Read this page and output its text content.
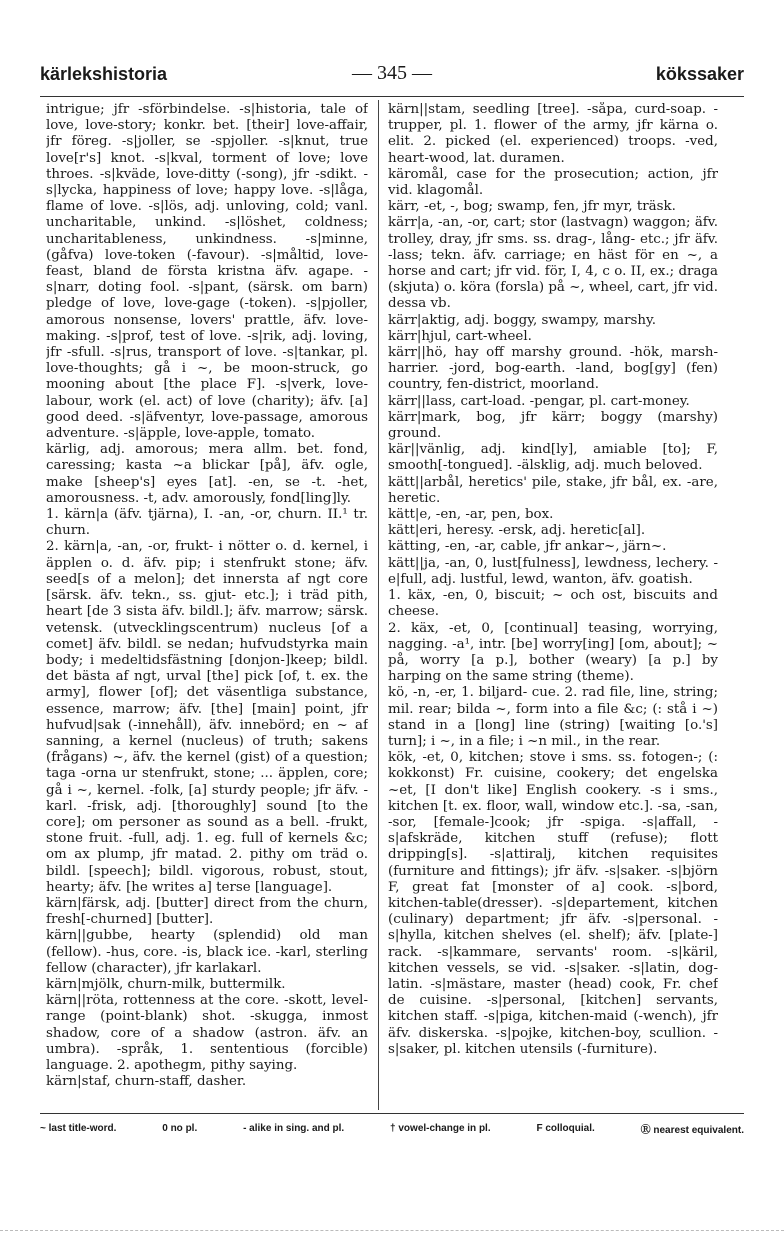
kärlekshistoria	— 345 —	kökssaker

intrigue; jfr -sförbindelse. -s|historia, tale of love, love-story; konkr. bet. [their] love-affair, jfr föreg. -s|joller, se -spjoller. -s|knut, true love[r's] knot. -s|kval, torment of love; love throes. -s|kväde, love-ditty (-song), jfr -sdikt. -s|lycka, happiness of love; happy love. -s|låga, flame of love. -s|lös, adj. unloving, cold; vanl. uncharitable, unkind. -s|löshet, coldness; uncharitableness, unkindness. -s|minne, (gåfva) love-token (-favour). -s|måltid, love-feast, bland de första kristna äfv. agape. -s|narr, doting fool. -s|pant, (särsk. om barn) pledge of love, love-gage (-token). -s|pjoller, amorous nonsense, lovers' prattle, äfv. love-making. -s|prof, test of love. -s|rik, adj. loving, jfr -sfull. -s|rus, transport of love. -s|tankar, pl. love-thoughts; gå i ~, be moon-struck, go mooning about [the place F]. -s|verk, love-labour, work (el. act) of love (charity); äfv. [a] good deed. -s|äfventyr, love-passage, amorous adventure. -s|äpple, love-apple, tomato.

kärlig, adj. amorous; mera allm. bet. fond, caressing; kasta ~a blickar [på], äfv. ogle, make [sheep's] eyes [at]. -en, se -t. -het, amorousness. -t, adv. amorously, fond[ling]ly.

1. kärn|a (äfv. tjärna), I. -an, -or, churn. II.¹ tr. churn.

2. kärn|a, -an, -or, frukt- i nötter o. d. kernel, i äpplen o. d. äfv. pip; i stenfrukt stone; äfv. seed[s of a melon]; det innersta af ngt core [särsk. äfv. tekn., ss. gjut- etc.]; i träd pith, heart [de 3 sista äfv. bildl.]; äfv. marrow; särsk. vetensk. (utvecklingscentrum) nucleus [of a comet] äfv. bildl. se nedan; hufvudstyrka main body; i medeltidsfästning [donjon-]keep; bildl. det bästa af ngt, urval [the] pick [of, t. ex. the army], flower [of]; det väsentliga substance, essence, marrow; äfv. [the] [main] point, jfr hufvud|sak (-innehåll), äfv. innebörd; en ~ af sanning, a kernel (nucleus) of truth; sakens (frågans) ~, äfv. the kernel (gist) of a question; taga -orna ur stenfrukt, stone; ... äpplen, core; gå i ~, kernel. -folk, [a] sturdy people; jfr äfv. -karl. -frisk, adj. [thoroughly] sound [to the core]; om personer as sound as a bell. -frukt, stone fruit. -full, adj. 1. eg. full of kernels &c; om ax plump, jfr matad. 2. pithy om träd o. bildl. [speech]; bildl. vigorous, robust, stout, hearty; äfv. [he writes a] terse [language].

kärn|färsk, adj. [butter] direct from the churn, fresh[-churned] [butter].

kärn||gubbe, hearty (splendid) old man (fellow). -hus, core. -is, black ice. -karl, sterling fellow (character), jfr karlakarl.

kärn|mjölk, churn-milk, buttermilk.

kärn||röta, rottenness at the core. -skott, level-range (point-blank) shot. -skugga, inmost shadow, core of a shadow (astron. äfv. an umbra). -språk, 1. sententious (forcible) language. 2. apothegm, pithy saying.

kärn|staf, churn-staff, dasher.

kärn||stam, seedling [tree]. -såpa, curd-soap. -trupper, pl. 1. flower of the army, jfr kärna o. elit. 2. picked (el. experienced) troops. -ved, heart-wood, lat. duramen.

käromål, case for the prosecution; action, jfr vid. klagomål.

kärr, -et, -, bog; swamp, fen, jfr myr, träsk.

kärr|a, -an, -or, cart; stor (lastvagn) waggon; äfv. trolley, dray, jfr sms. ss. drag-, lång- etc.; jfr äfv. -lass; tekn. äfv. carriage; en häst för en ~, a horse and cart; jfr vid. för, I, 4, c o. II, ex.; draga (skjuta) o. köra (forsla) på ~, wheel, cart, jfr vid. dessa vb.

kärr|aktig, adj. boggy, swampy, marshy.

kärr|hjul, cart-wheel.

kärr||hö, hay off marshy ground. -hök, marsh-harrier. -jord, bog-earth. -land, bog[gy] (fen) country, fen-district, moorland.

kärr||lass, cart-load. -pengar, pl. cart-money.

kärr|mark, bog, jfr kärr; boggy (marshy) ground.

kär||vänlig, adj. kind[ly], amiable [to]; F, smooth[-tongued]. -älsklig, adj. much beloved.

kätt||arbål, heretics' pile, stake, jfr bål, ex. -are, heretic.

kätt|e, -en, -ar, pen, box.

kätt|eri, heresy. -ersk, adj. heretic[al].

kätting, -en, -ar, cable, jfr ankar~, järn~.

kätt||ja, -an, 0, lust[fulness], lewdness, lechery. -e|full, adj. lustful, lewd, wanton, äfv. goatish.

1. käx, -en, 0, biscuit; ~ och ost, biscuits and cheese.

2. käx, -et, 0, [continual] teasing, worrying, nagging. -a¹, intr. [be] worry[ing] [om, about]; ~ på, worry [a p.], bother (weary) [a p.] by harping on the same string (theme).

kö, -n, -er, 1. biljard- cue. 2. rad file, line, string; mil. rear; bilda ~, form into a file &c; (: stå i ~) stand in a [long] line (string) [waiting [o.'s] turn]; i ~, in a file; i ~n mil., in the rear.

kök, -et, 0, kitchen; stove i sms. ss. fotogen-; (: kokkonst) Fr. cuisine, cookery; det engelska ~et, [I don't like] English cookery. -s i sms., kitchen [t. ex. floor, wall, window etc.]. -sa, -san, -sor, [female-]cook; jfr -spiga. -s|affall, -s|afskräde, kitchen stuff (refuse); flott dripping[s]. -s|attiralj, kitchen requisites (furniture and fittings); jfr äfv. -s|saker. -s|björn F, great fat [monster of a] cook. -s|bord, kitchen-table(dresser). -s|departement, kitchen (culinary) department; jfr äfv. -s|personal. -s|hylla, kitchen shelves (el. shelf); äfv. [plate-] rack. -s|kammare, servants' room. -s|käril, kitchen vessels, se vid. -s|saker. -s|latin, dog-latin. -s|mästare, master (head) cook, Fr. chef de cuisine. -s|personal, [kitchen] servants, kitchen staff. -s|piga, kitchen-maid (-wench), jfr äfv. diskerska. -s|pojke, kitchen-boy, scullion. -s|saker, pl. kitchen utensils (-furniture).

~ last title-word.	0 no pl.	- alike in sing. and pl.	† vowel-change in pl.	F colloquial.	Ⓡ nearest equivalent.
